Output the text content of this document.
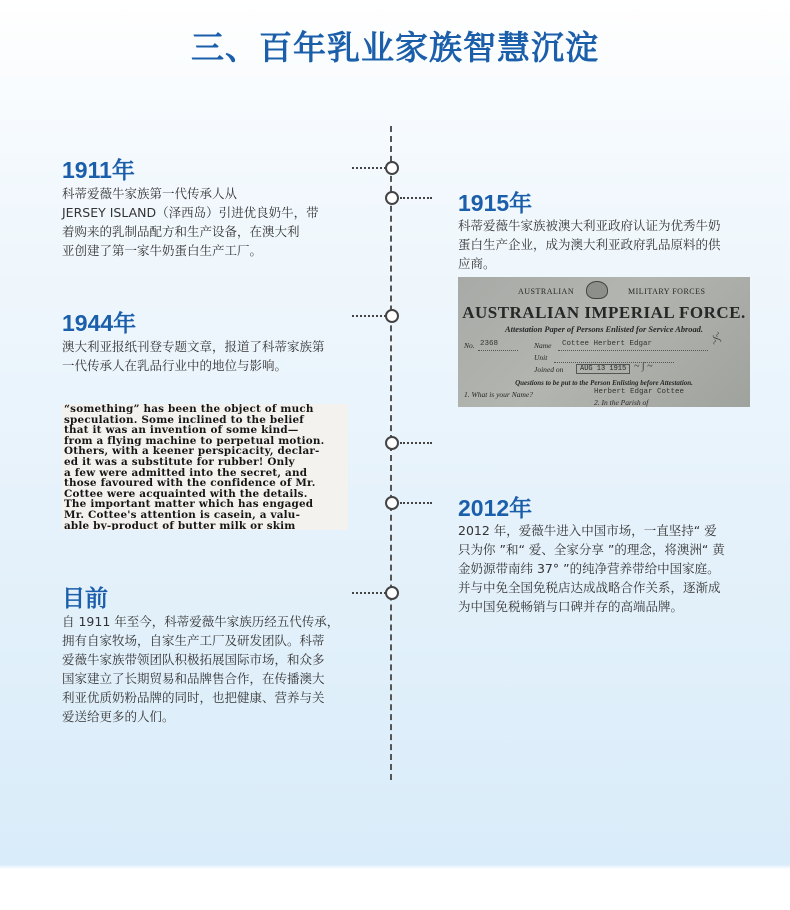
三、百年乳业家族智慧沉淀
1911年
科蒂爱薇牛家族第一代传承人从
JERSEY ISLAND（泽西岛）引进优良奶牛，带
着购来的乳制品配方和生产设备，在澳大利
亚创建了第一家牛奶蛋白生产工厂。
1915年
科蒂爱薇牛家族被澳大利亚政府认证为优秀牛奶
蛋白生产企业，成为澳大利亚政府乳品原料的供
应商。
AUSTRALIAN	MILITARY FORCES
AUSTRALIAN IMPERIAL FORCE.
Attestation Paper of Persons Enlisted for Service Abroad.
No. 2368	Name Cottee Herbert Edgar
Unit
Joined on	AUG 13 1915 ~ ∫ ~
~∫~
Questions to be put to the Person Enlisting before Attestation.
1. What is your Name?	Herbert Edgar Cottee
2. In the Parish of
1944年
澳大利亚报纸刊登专题文章，报道了科蒂家族第
一代传承人在乳品行业中的地位与影响。
“something” has been the object of much
speculation. Some inclined to the belief
that it was an invention of some kind—
from a flying machine to perpetual motion.
Others, with a keener perspicacity, declar-
ed it was a substitute for rubber! Only
a few were admitted into the secret, and
those favoured with the confidence of Mr.
Cottee were acquainted with the details.
The important matter which has engaged
Mr. Cottee's attention is casein, a valu-
able by-product of butter milk or skim
2012年
2012 年，爱薇牛进入中国市场，一直坚持“ 爱
只为你 ”和“ 爱、全家分享 ”的理念，将澳洲“ 黄
金奶源带南纬 37° ”的纯净营养带给中国家庭。
并与中免全国免税店达成战略合作关系，逐渐成
为中国免税畅销与口碑并存的高端品牌。
目前
自 1911 年至今，科蒂爱薇牛家族历经五代传承，
拥有自家牧场，自家生产工厂及研发团队。科蒂
爱薇牛家族带领团队积极拓展国际市场，和众多
国家建立了长期贸易和品牌售合作，在传播澳大
利亚优质奶粉品牌的同时，也把健康、营养与关
爱送给更多的人们。
